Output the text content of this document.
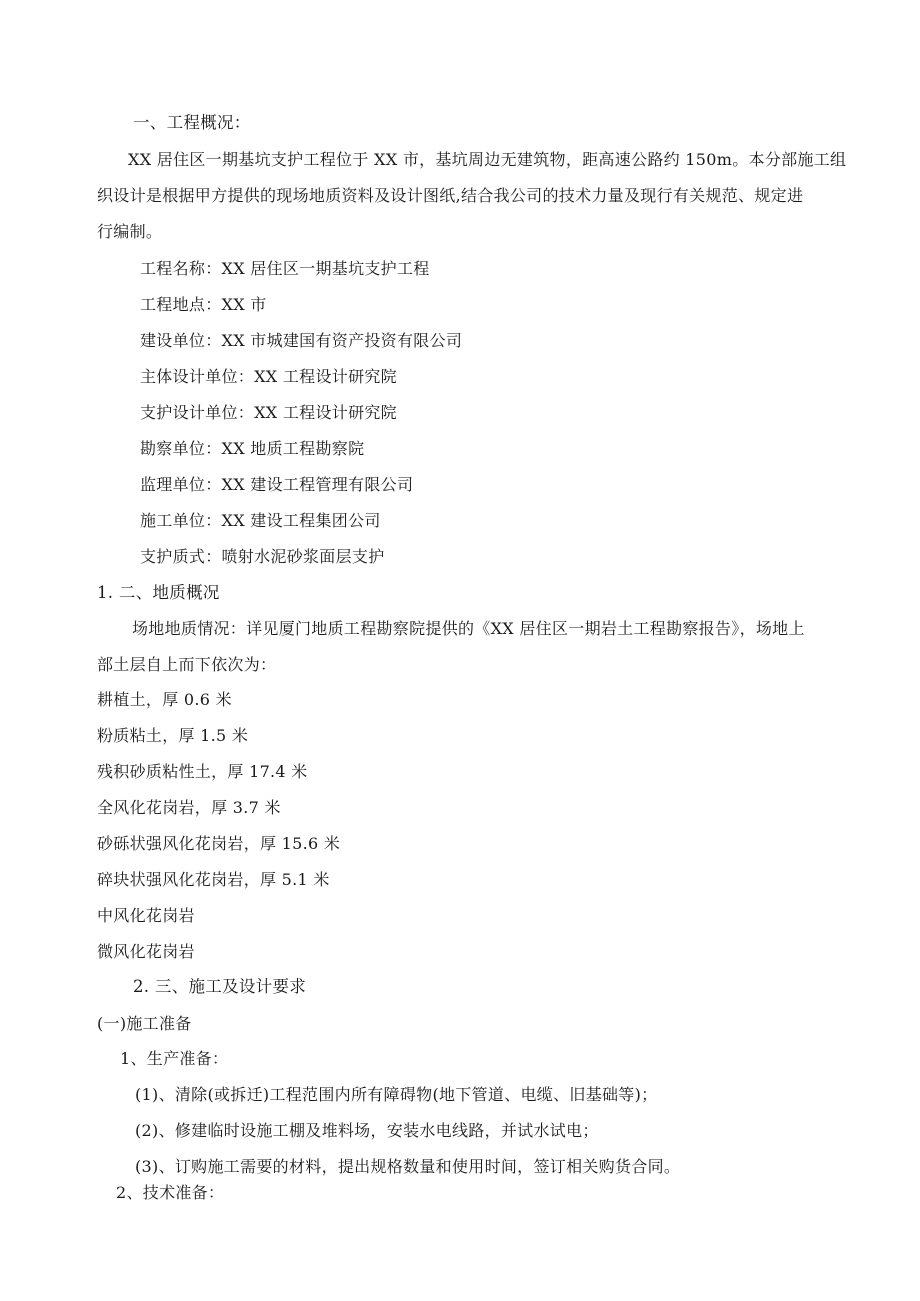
一、工程概况：
XX 居住区一期基坑支护工程位于 XX 市，基坑周边无建筑物，距高速公路约 150m。本分部施工组
织设计是根据甲方提供的现场地质资料及设计图纸,结合我公司的技术力量及现行有关规范、规定进
行编制。
工程名称：XX 居住区一期基坑支护工程
工程地点：XX 市
建设单位：XX 市城建国有资产投资有限公司
主体设计单位：XX 工程设计研究院
支护设计单位：XX 工程设计研究院
勘察单位：XX 地质工程勘察院
监理单位：XX 建设工程管理有限公司
施工单位：XX 建设工程集团公司
支护质式：喷射水泥砂浆面层支护
1. 二、地质概况
场地地质情况：详见厦门地质工程勘察院提供的《XX 居住区一期岩土工程勘察报告》，场地上
部土层自上而下依次为：
耕植土，厚 0.6 米
粉质粘土，厚 1.5 米
残积砂质粘性土，厚 17.4 米
全风化花岗岩，厚 3.7 米
砂砾状强风化花岗岩，厚 15.6 米
碎块状强风化花岗岩，厚 5.1 米
中风化花岗岩
微风化花岗岩
2. 三、施工及设计要求
(一)施工准备
1、生产准备：
(1)、清除(或拆迁)工程范围内所有障碍物(地下管道、电缆、旧基础等)；
(2)、修建临时设施工棚及堆料场，安装水电线路，并试水试电；
(3)、订购施工需要的材料，提出规格数量和使用时间，签订相关购货合同。
2、技术准备：
